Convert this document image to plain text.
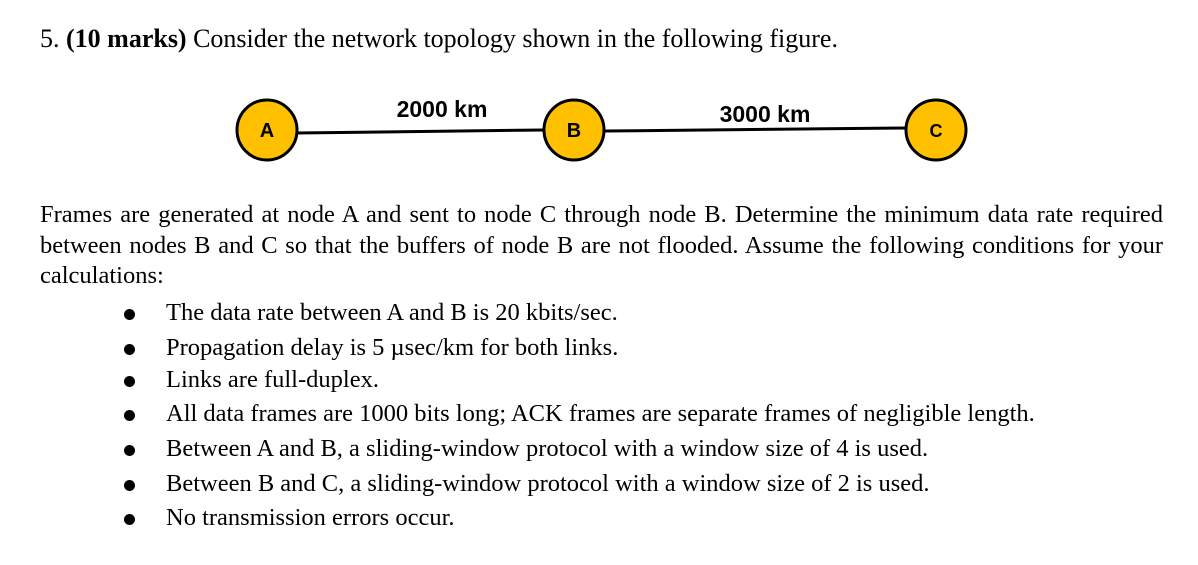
5. (10 marks) Consider the network topology shown in the following figure.
2000 km	3000 km
A	B	C
Frames are generated at node A and sent to node C through node B. Determine the minimum data rate required between nodes B and C so that the buffers of node B are not flooded. Assume the following conditions for your calculations:
The data rate between A and B is 20 kbits/sec.
Propagation delay is 5 µsec/km for both links.
Links are full-duplex.
All data frames are 1000 bits long; ACK frames are separate frames of negligible length.
Between A and B, a sliding-window protocol with a window size of 4 is used.
Between B and C, a sliding-window protocol with a window size of 2 is used.
No transmission errors occur.
